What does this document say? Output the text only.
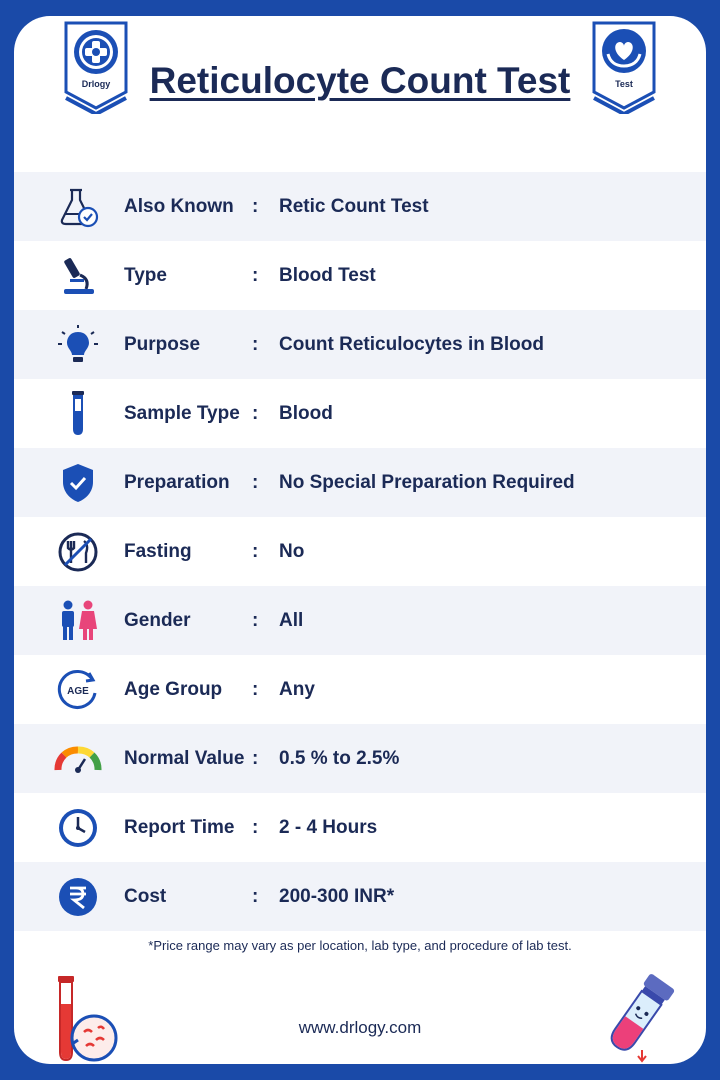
Drlogy	Test
Reticulocyte Count Test
Also Known : Retic Count Test
Type	: Blood Test
Purpose	: Count Reticulocytes in Blood
Sample Type : Blood
Preparation : No Special Preparation Required
Fasting	: No
Gender	: All
AGE Age Group : Any
Normal Value : 0.5 % to 2.5%
Report Time : 2 - 4 Hours
Cost	: 200-300 INR*
*Price range may vary as per location, lab type, and procedure of lab test.
www.drlogy.com
